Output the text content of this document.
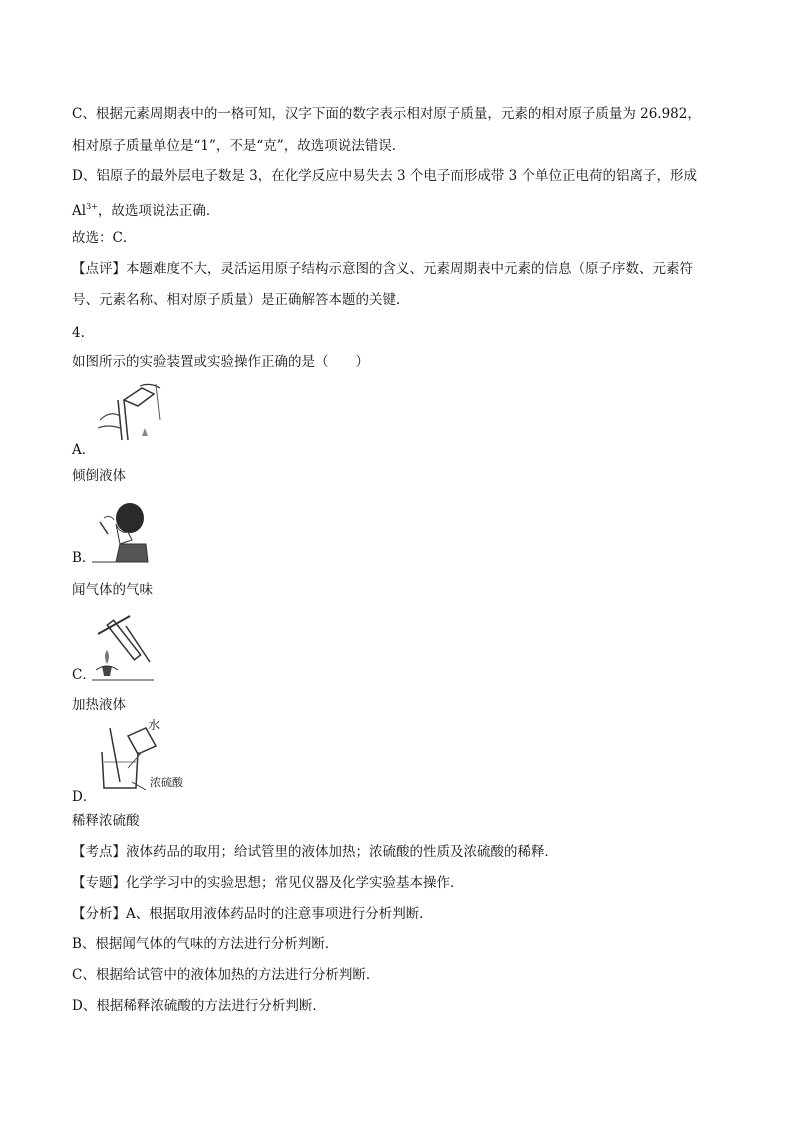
C、根据元素周期表中的一格可知，汉字下面的数字表示相对原子质量，元素的相对原子质量为 26.982，
相对原子质量单位是“1”，不是“克”，故选项说法错误．
D、铝原子的最外层电子数是 3，在化学反应中易失去 3 个电子而形成带 3 个单位正电荷的铝离子，形成
$Al^{3+}$，故选项说法正确．
故选：C．
【点评】本题难度不大，灵活运用原子结构示意图的含义、元素周期表中元素的信息（原子序数、元素符
号、元素名称、相对原子质量）是正确解答本题的关键．
4.
如图所示的实验装置或实验操作正确的是（　　）
A．
倾倒液体
B．
闻气体的气味
C．
加热液体
水
浓硫酸
D．
稀释浓硫酸
【考点】液体药品的取用；给试管里的液体加热；浓硫酸的性质及浓硫酸的稀释．
【专题】化学学习中的实验思想；常见仪器及化学实验基本操作．
【分析】A、根据取用液体药品时的注意事项进行分析判断．
B、根据闻气体的气味的方法进行分析判断．
C、根据给试管中的液体加热的方法进行分析判断．
D、根据稀释浓硫酸的方法进行分析判断．
